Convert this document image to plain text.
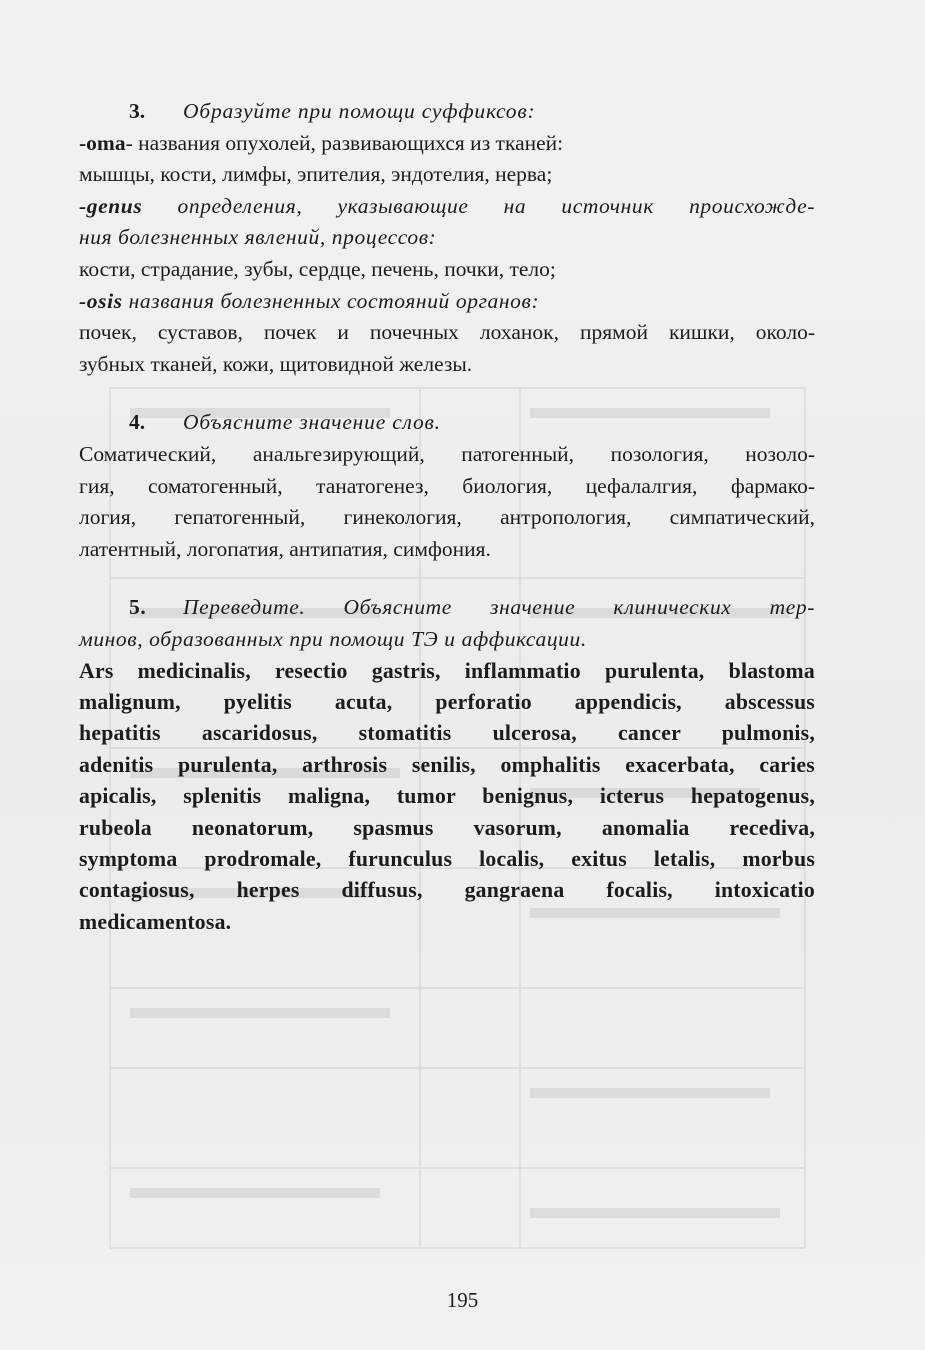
3. Образуйте при помощи суффиксов:
-oma- названия опухолей, развивающихся из тканей:
мышцы, кости, лимфы, эпителия, эндотелия, нерва;
-genus определения, указывающие на источник происхожде-
ния болезненных явлений, процессов:
кости, страдание, зубы, сердце, печень, почки, тело;
-osis названия болезненных состояний органов:
почек, суставов, почек и почечных лоханок, прямой кишки, около-
зубных тканей, кожи, щитовидной железы.
4. Объясните значение слов.
Соматический, анальгезирующий, патогенный, позология, нозоло-
гия, соматогенный, танатогенез, биология, цефалалгия, фармако-
логия, гепатогенный, гинекология, антропология, симпатический,
латентный, логопатия, антипатия, симфония.
5. Переведите. Объясните значение клинических тер-
минов, образованных при помощи ТЭ и аффиксации.
Ars medicinalis, resectio gastris, inflammatio purulenta, blastoma
malignum, pyelitis acuta, perforatio appendicis, abscessus
hepatitis ascaridosus, stomatitis ulcerosa, cancer pulmonis,
adenitis purulenta, arthrosis senilis, omphalitis exacerbata, caries
apicalis, splenitis maligna, tumor benignus, icterus hepatogenus,
rubeola neonatorum, spasmus vasorum, anomalia recediva,
symptoma prodromale, furunculus localis, exitus letalis, morbus
contagiosus, herpes diffusus, gangraena focalis, intoxicatio
medicamentosa.
195
